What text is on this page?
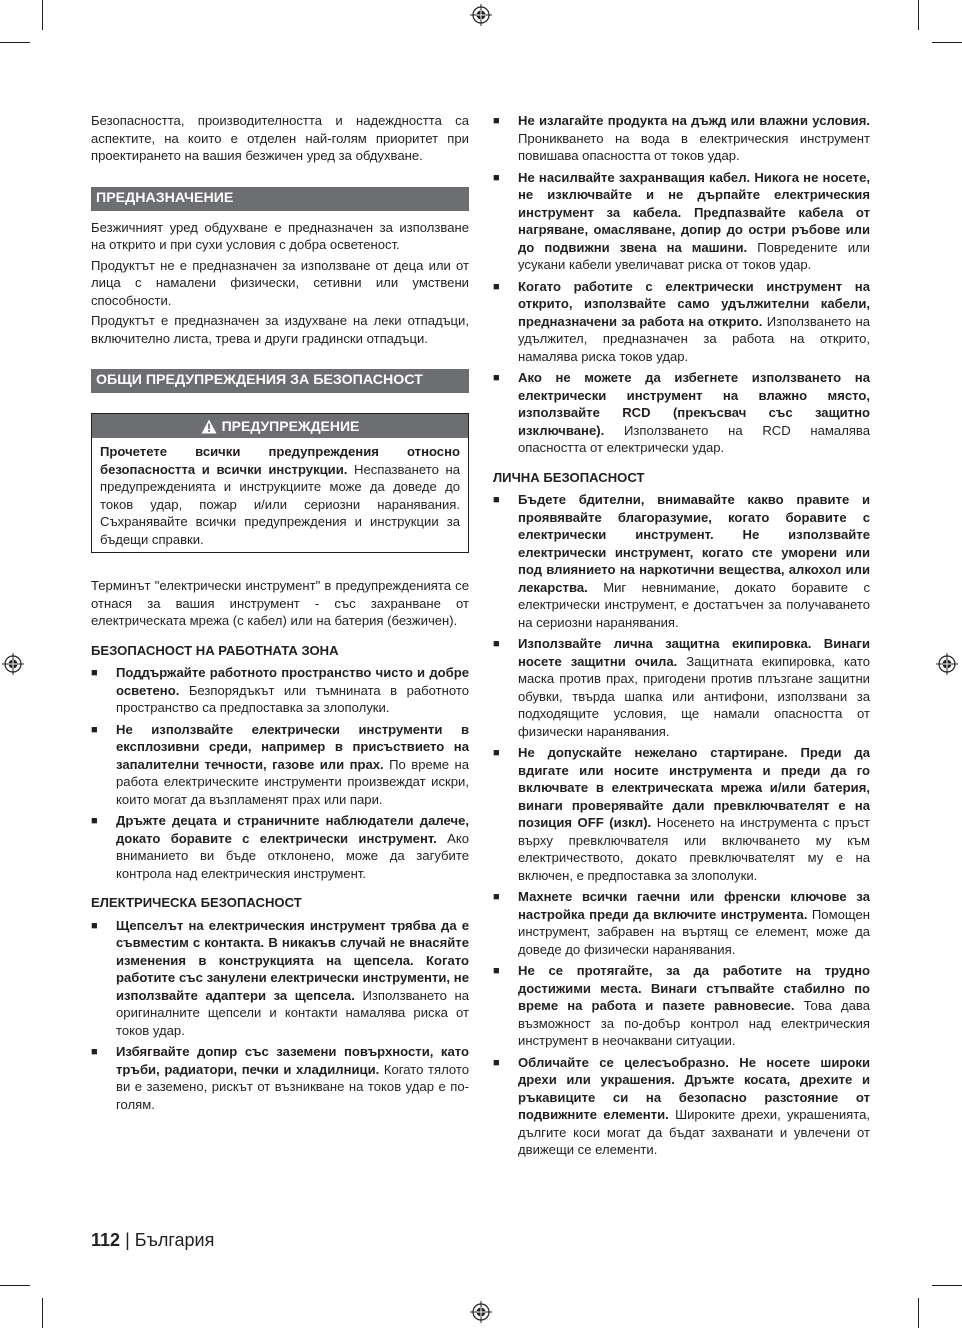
Безопасността, производителността и надеждността са аспектите, на които е отделен най-голям приоритет при проектирането на вашия безжичен уред за обдухване.

ПРЕДНАЗНАЧЕНИЕ

Безжичният уред обдухване е предназначен за използване на открито и при сухи условия с добра осветеност.

Продуктът не е предназначен за използване от деца или от лица с намалени физически, сетивни или умствени способности.

Продуктът е предназначен за издухване на леки отпадъци, включително листа, трева и други градински отпадъци.

ОБЩИ ПРЕДУПРЕЖДЕНИЯ ЗА БЕЗОПАСНОСТ
ПРЕДУПРЕЖДЕНИЕ
Прочетете всички предупреждения относно безопасността и всички инструкции. Неспазването на предупрежденията и инструкциите може да доведе до токов удар, пожар и/или сериозни наранявания. Съхранявайте всички предупреждения и инструкции за бъдещи справки.

Терминът "електрически инструмент" в предупрежденията се отнася за вашия инструмент - със захранване от електрическата мрежа (с кабел) или на батерия (безжичен).

БЕЗОПАСНОСТ НА РАБОТНАТА ЗОНА
■ Поддържайте работното пространство чисто и добре осветено. Безпорядъкът или тъмнината в работното пространство са предпоставка за злополуки.
■ Не използвайте електрически инструменти в експлозивни среди, например в присъствието на запалителни течности, газове или прах. По време на работа електрическите инструменти произвеждат искри, които могат да възпламенят прах или пари.
■ Дръжте децата и страничните наблюдатели далече, докато боравите с електрически инструмент. Ако вниманието ви бъде отклонено, може да загубите контрола над електрическия инструмент.
ЕЛЕКТРИЧЕСКА БЕЗОПАСНОСТ
■ Щепселът на електрическия инструмент трябва да е съвместим с контакта. В никакъв случай не внасяйте изменения в конструкцията на щепсела. Когато работите със занулени електрически инструменти, не използвайте адаптери за щепсела. Използването на оригиналните щепсели и контакти намалява риска от токов удар.
■ Избягвайте допир със заземени повърхности, като тръби, радиатори, печки и хладилници. Когато тялото ви е заземено, рискът от възникване на токов удар е по-голям.
■ Не излагайте продукта на дъжд или влажни условия. Проникването на вода в електрическия инструмент повишава опасността от токов удар.
■ Не насилвайте захранващия кабел. Никога не носете, не изключвайте и не дърпайте електрическия инструмент за кабела. Предпазвайте кабела от нагряване, омасляване, допир до остри ръбове или до подвижни звена на машини. Повредените или усукани кабели увеличават риска от токов удар.
■ Когато работите с електрически инструмент на открито, използвайте само удължителни кабели, предназначени за работа на открито. Използването на удължител, предназначен за работа на открито, намалява риска токов удар.
■ Ако не можете да избегнете използването на електрически инструмент на влажно място, използвайте RCD (прекъсвач със защитно изключване). Използването на RCD намалява опасността от електрически удар.
ЛИЧНА БЕЗОПАСНОСТ
■ Бъдете бдителни, внимавайте какво правите и проявявайте благоразумие, когато боравите с електрически инструмент. Не използвайте електрически инструмент, когато сте уморени или под влиянието на наркотични вещества, алкохол или лекарства. Миг невнимание, докато боравите с електрически инструмент, е достатъчен за получаването на сериозни наранявания.
■ Използвайте лична защитна екипировка. Винаги носете защитни очила. Защитната екипировка, като маска против прах, пригодени против плъзгане защитни обувки, твърда шапка или антифони, използвани за подходящите условия, ще намали опасността от физически наранявания.
■ Не допускайте нежелано стартиране. Преди да вдигате или носите инструмента и преди да го включвате в електрическата мрежа и/или батерия, винаги проверявайте дали превключвателят е на позиция OFF (изкл). Носенето на инструмента с пръст върху превключвателя или включването му към електричеството, докато превключвателят му е на включен, е предпоставка за злополуки.
■ Махнете всички гаечни или френски ключове за настройка преди да включите инструмента. Помощен инструмент, забравен на въртящ се елемент, може да доведе до физически наранявания.
■ Не се протягайте, за да работите на трудно достижими места. Винаги стъпвайте стабилно по време на работа и пазете равновесие. Това дава възможност за по-добър контрол над електрическия инструмент в неочаквани ситуации.
■ Обличайте се целесъобразно. Не носете широки дрехи или украшения. Дръжте косата, дрехите и ръкавиците си на безопасно разстояние от подвижните елементи. Широките дрехи, украшенията, дългите коси могат да бъдат захванати и увлечени от движещи се елементи.
112 | България
